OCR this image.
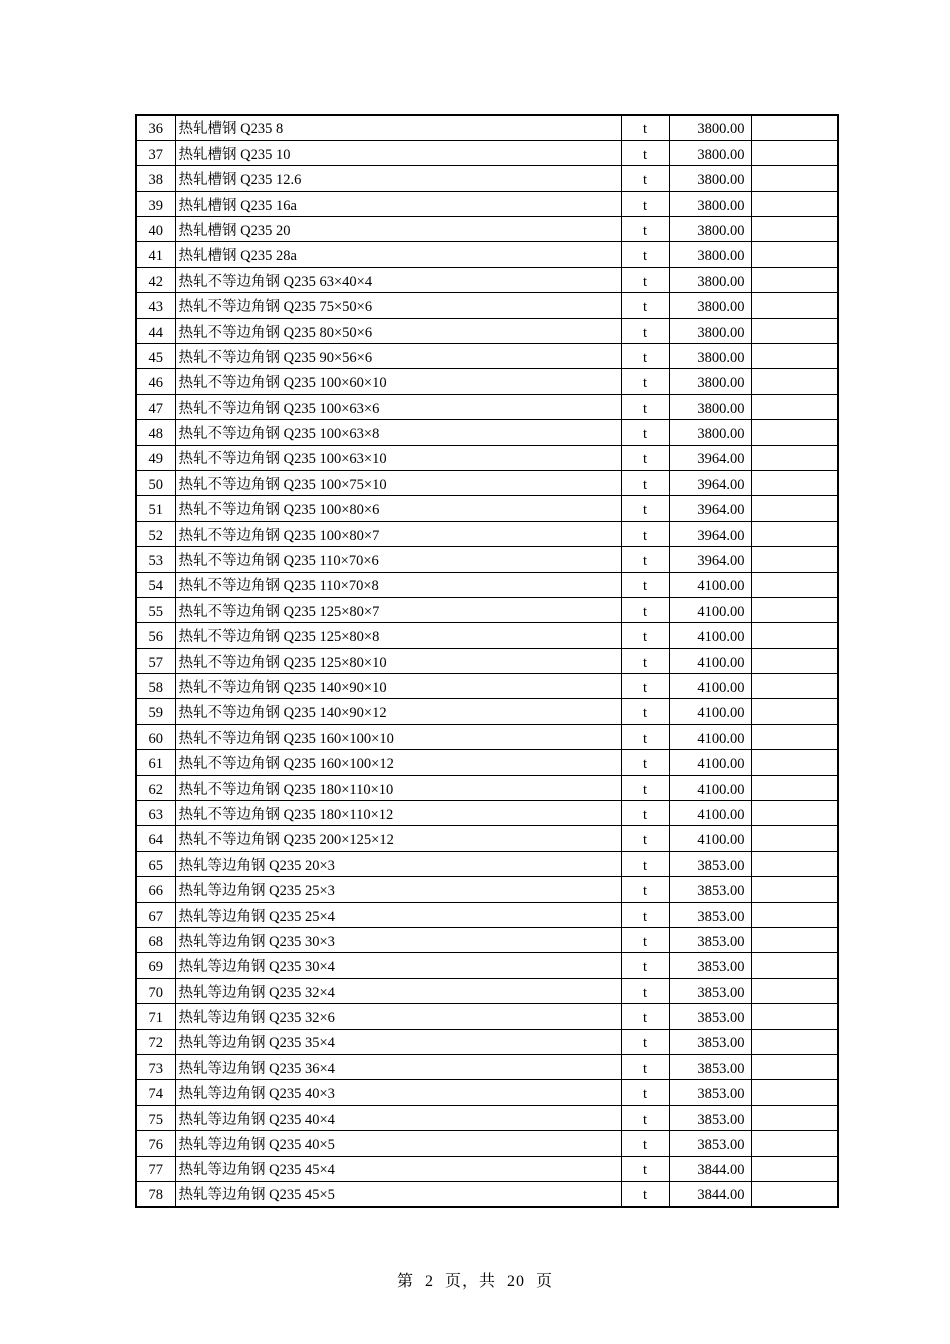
36	热轧槽钢 Q235 8	t	3800.00	
37	热轧槽钢 Q235 10	t	3800.00	
38	热轧槽钢 Q235 12.6	t	3800.00	
39	热轧槽钢 Q235 16a	t	3800.00	
40	热轧槽钢 Q235 20	t	3800.00	
41	热轧槽钢 Q235 28a	t	3800.00	
42	热轧不等边角钢 Q235 63×40×4	t	3800.00	
43	热轧不等边角钢 Q235 75×50×6	t	3800.00	
44	热轧不等边角钢 Q235 80×50×6	t	3800.00	
45	热轧不等边角钢 Q235 90×56×6	t	3800.00	
46	热轧不等边角钢 Q235 100×60×10	t	3800.00	
47	热轧不等边角钢 Q235 100×63×6	t	3800.00	
48	热轧不等边角钢 Q235 100×63×8	t	3800.00	
49	热轧不等边角钢 Q235 100×63×10	t	3964.00	
50	热轧不等边角钢 Q235 100×75×10	t	3964.00	
51	热轧不等边角钢 Q235 100×80×6	t	3964.00	
52	热轧不等边角钢 Q235 100×80×7	t	3964.00	
53	热轧不等边角钢 Q235 110×70×6	t	3964.00	
54	热轧不等边角钢 Q235 110×70×8	t	4100.00	
55	热轧不等边角钢 Q235 125×80×7	t	4100.00	
56	热轧不等边角钢 Q235 125×80×8	t	4100.00	
57	热轧不等边角钢 Q235 125×80×10	t	4100.00	
58	热轧不等边角钢 Q235 140×90×10	t	4100.00	
59	热轧不等边角钢 Q235 140×90×12	t	4100.00	
60	热轧不等边角钢 Q235 160×100×10	t	4100.00	
61	热轧不等边角钢 Q235 160×100×12	t	4100.00	
62	热轧不等边角钢 Q235 180×110×10	t	4100.00	
63	热轧不等边角钢 Q235 180×110×12	t	4100.00	
64	热轧不等边角钢 Q235 200×125×12	t	4100.00	
65	热轧等边角钢 Q235 20×3	t	3853.00	
66	热轧等边角钢 Q235 25×3	t	3853.00	
67	热轧等边角钢 Q235 25×4	t	3853.00	
68	热轧等边角钢 Q235 30×3	t	3853.00	
69	热轧等边角钢 Q235 30×4	t	3853.00	
70	热轧等边角钢 Q235 32×4	t	3853.00	
71	热轧等边角钢 Q235 32×6	t	3853.00	
72	热轧等边角钢 Q235 35×4	t	3853.00	
73	热轧等边角钢 Q235 36×4	t	3853.00	
74	热轧等边角钢 Q235 40×3	t	3853.00	
75	热轧等边角钢 Q235 40×4	t	3853.00	
76	热轧等边角钢 Q235 40×5	t	3853.00	
77	热轧等边角钢 Q235 45×4	t	3844.00	
78	热轧等边角钢 Q235 45×5	t	3844.00	
第 2 页，共 20 页
